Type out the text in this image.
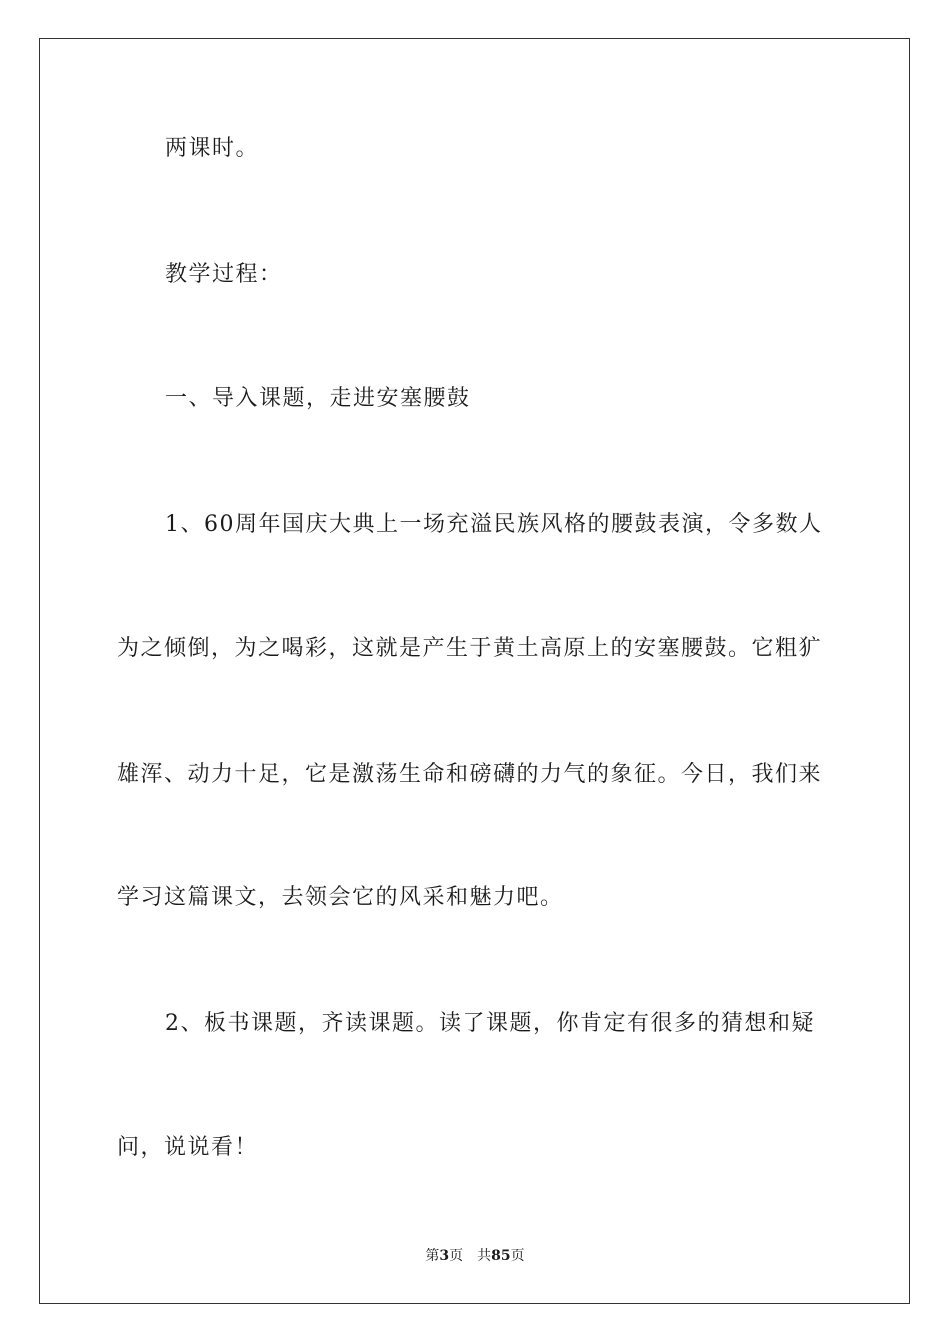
两课时。
教学过程：
一、导入课题，走进安塞腰鼓
1、60周年国庆大典上一场充溢民族风格的腰鼓表演，令多数人
为之倾倒，为之喝彩，这就是产生于黄土高原上的安塞腰鼓。它粗犷
雄浑、动力十足，它是激荡生命和磅礴的力气的象征。今日，我们来
学习这篇课文，去领会它的风采和魅力吧。
2、板书课题，齐读课题。读了课题，你肯定有很多的猜想和疑
问，说说看！
第3页 共85页
